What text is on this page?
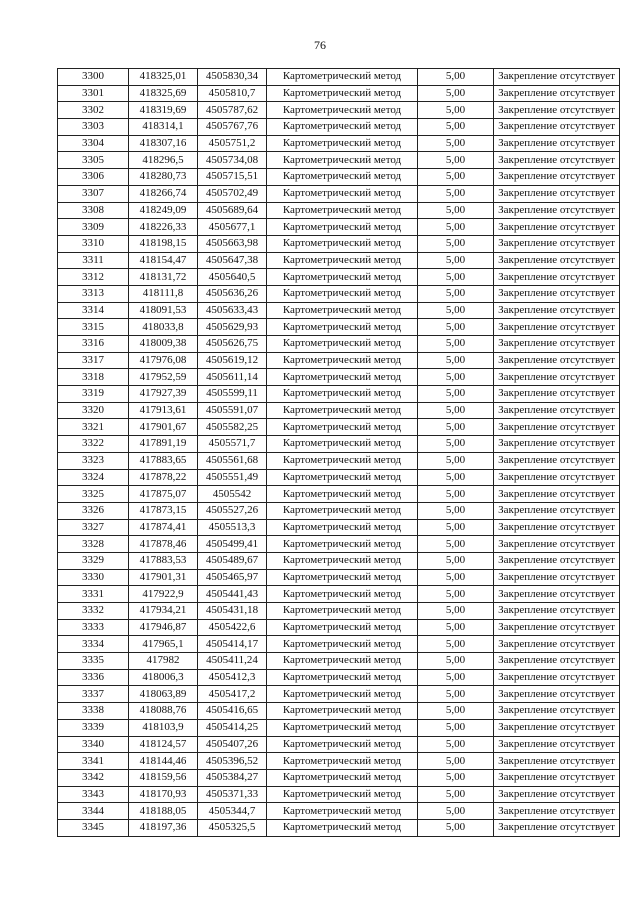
76
3300	418325,01	4505830,34	Картометрический метод	5,00	Закрепление отсутствует
3301	418325,69	4505810,7	Картометрический метод	5,00	Закрепление отсутствует
3302	418319,69	4505787,62	Картометрический метод	5,00	Закрепление отсутствует
3303	418314,1	4505767,76	Картометрический метод	5,00	Закрепление отсутствует
3304	418307,16	4505751,2	Картометрический метод	5,00	Закрепление отсутствует
3305	418296,5	4505734,08	Картометрический метод	5,00	Закрепление отсутствует
3306	418280,73	4505715,51	Картометрический метод	5,00	Закрепление отсутствует
3307	418266,74	4505702,49	Картометрический метод	5,00	Закрепление отсутствует
3308	418249,09	4505689,64	Картометрический метод	5,00	Закрепление отсутствует
3309	418226,33	4505677,1	Картометрический метод	5,00	Закрепление отсутствует
3310	418198,15	4505663,98	Картометрический метод	5,00	Закрепление отсутствует
3311	418154,47	4505647,38	Картометрический метод	5,00	Закрепление отсутствует
3312	418131,72	4505640,5	Картометрический метод	5,00	Закрепление отсутствует
3313	418111,8	4505636,26	Картометрический метод	5,00	Закрепление отсутствует
3314	418091,53	4505633,43	Картометрический метод	5,00	Закрепление отсутствует
3315	418033,8	4505629,93	Картометрический метод	5,00	Закрепление отсутствует
3316	418009,38	4505626,75	Картометрический метод	5,00	Закрепление отсутствует
3317	417976,08	4505619,12	Картометрический метод	5,00	Закрепление отсутствует
3318	417952,59	4505611,14	Картометрический метод	5,00	Закрепление отсутствует
3319	417927,39	4505599,11	Картометрический метод	5,00	Закрепление отсутствует
3320	417913,61	4505591,07	Картометрический метод	5,00	Закрепление отсутствует
3321	417901,67	4505582,25	Картометрический метод	5,00	Закрепление отсутствует
3322	417891,19	4505571,7	Картометрический метод	5,00	Закрепление отсутствует
3323	417883,65	4505561,68	Картометрический метод	5,00	Закрепление отсутствует
3324	417878,22	4505551,49	Картометрический метод	5,00	Закрепление отсутствует
3325	417875,07	4505542	Картометрический метод	5,00	Закрепление отсутствует
3326	417873,15	4505527,26	Картометрический метод	5,00	Закрепление отсутствует
3327	417874,41	4505513,3	Картометрический метод	5,00	Закрепление отсутствует
3328	417878,46	4505499,41	Картометрический метод	5,00	Закрепление отсутствует
3329	417883,53	4505489,67	Картометрический метод	5,00	Закрепление отсутствует
3330	417901,31	4505465,97	Картометрический метод	5,00	Закрепление отсутствует
3331	417922,9	4505441,43	Картометрический метод	5,00	Закрепление отсутствует
3332	417934,21	4505431,18	Картометрический метод	5,00	Закрепление отсутствует
3333	417946,87	4505422,6	Картометрический метод	5,00	Закрепление отсутствует
3334	417965,1	4505414,17	Картометрический метод	5,00	Закрепление отсутствует
3335	417982	4505411,24	Картометрический метод	5,00	Закрепление отсутствует
3336	418006,3	4505412,3	Картометрический метод	5,00	Закрепление отсутствует
3337	418063,89	4505417,2	Картометрический метод	5,00	Закрепление отсутствует
3338	418088,76	4505416,65	Картометрический метод	5,00	Закрепление отсутствует
3339	418103,9	4505414,25	Картометрический метод	5,00	Закрепление отсутствует
3340	418124,57	4505407,26	Картометрический метод	5,00	Закрепление отсутствует
3341	418144,46	4505396,52	Картометрический метод	5,00	Закрепление отсутствует
3342	418159,56	4505384,27	Картометрический метод	5,00	Закрепление отсутствует
3343	418170,93	4505371,33	Картометрический метод	5,00	Закрепление отсутствует
3344	418188,05	4505344,7	Картометрический метод	5,00	Закрепление отсутствует
3345	418197,36	4505325,5	Картометрический метод	5,00	Закрепление отсутствует
